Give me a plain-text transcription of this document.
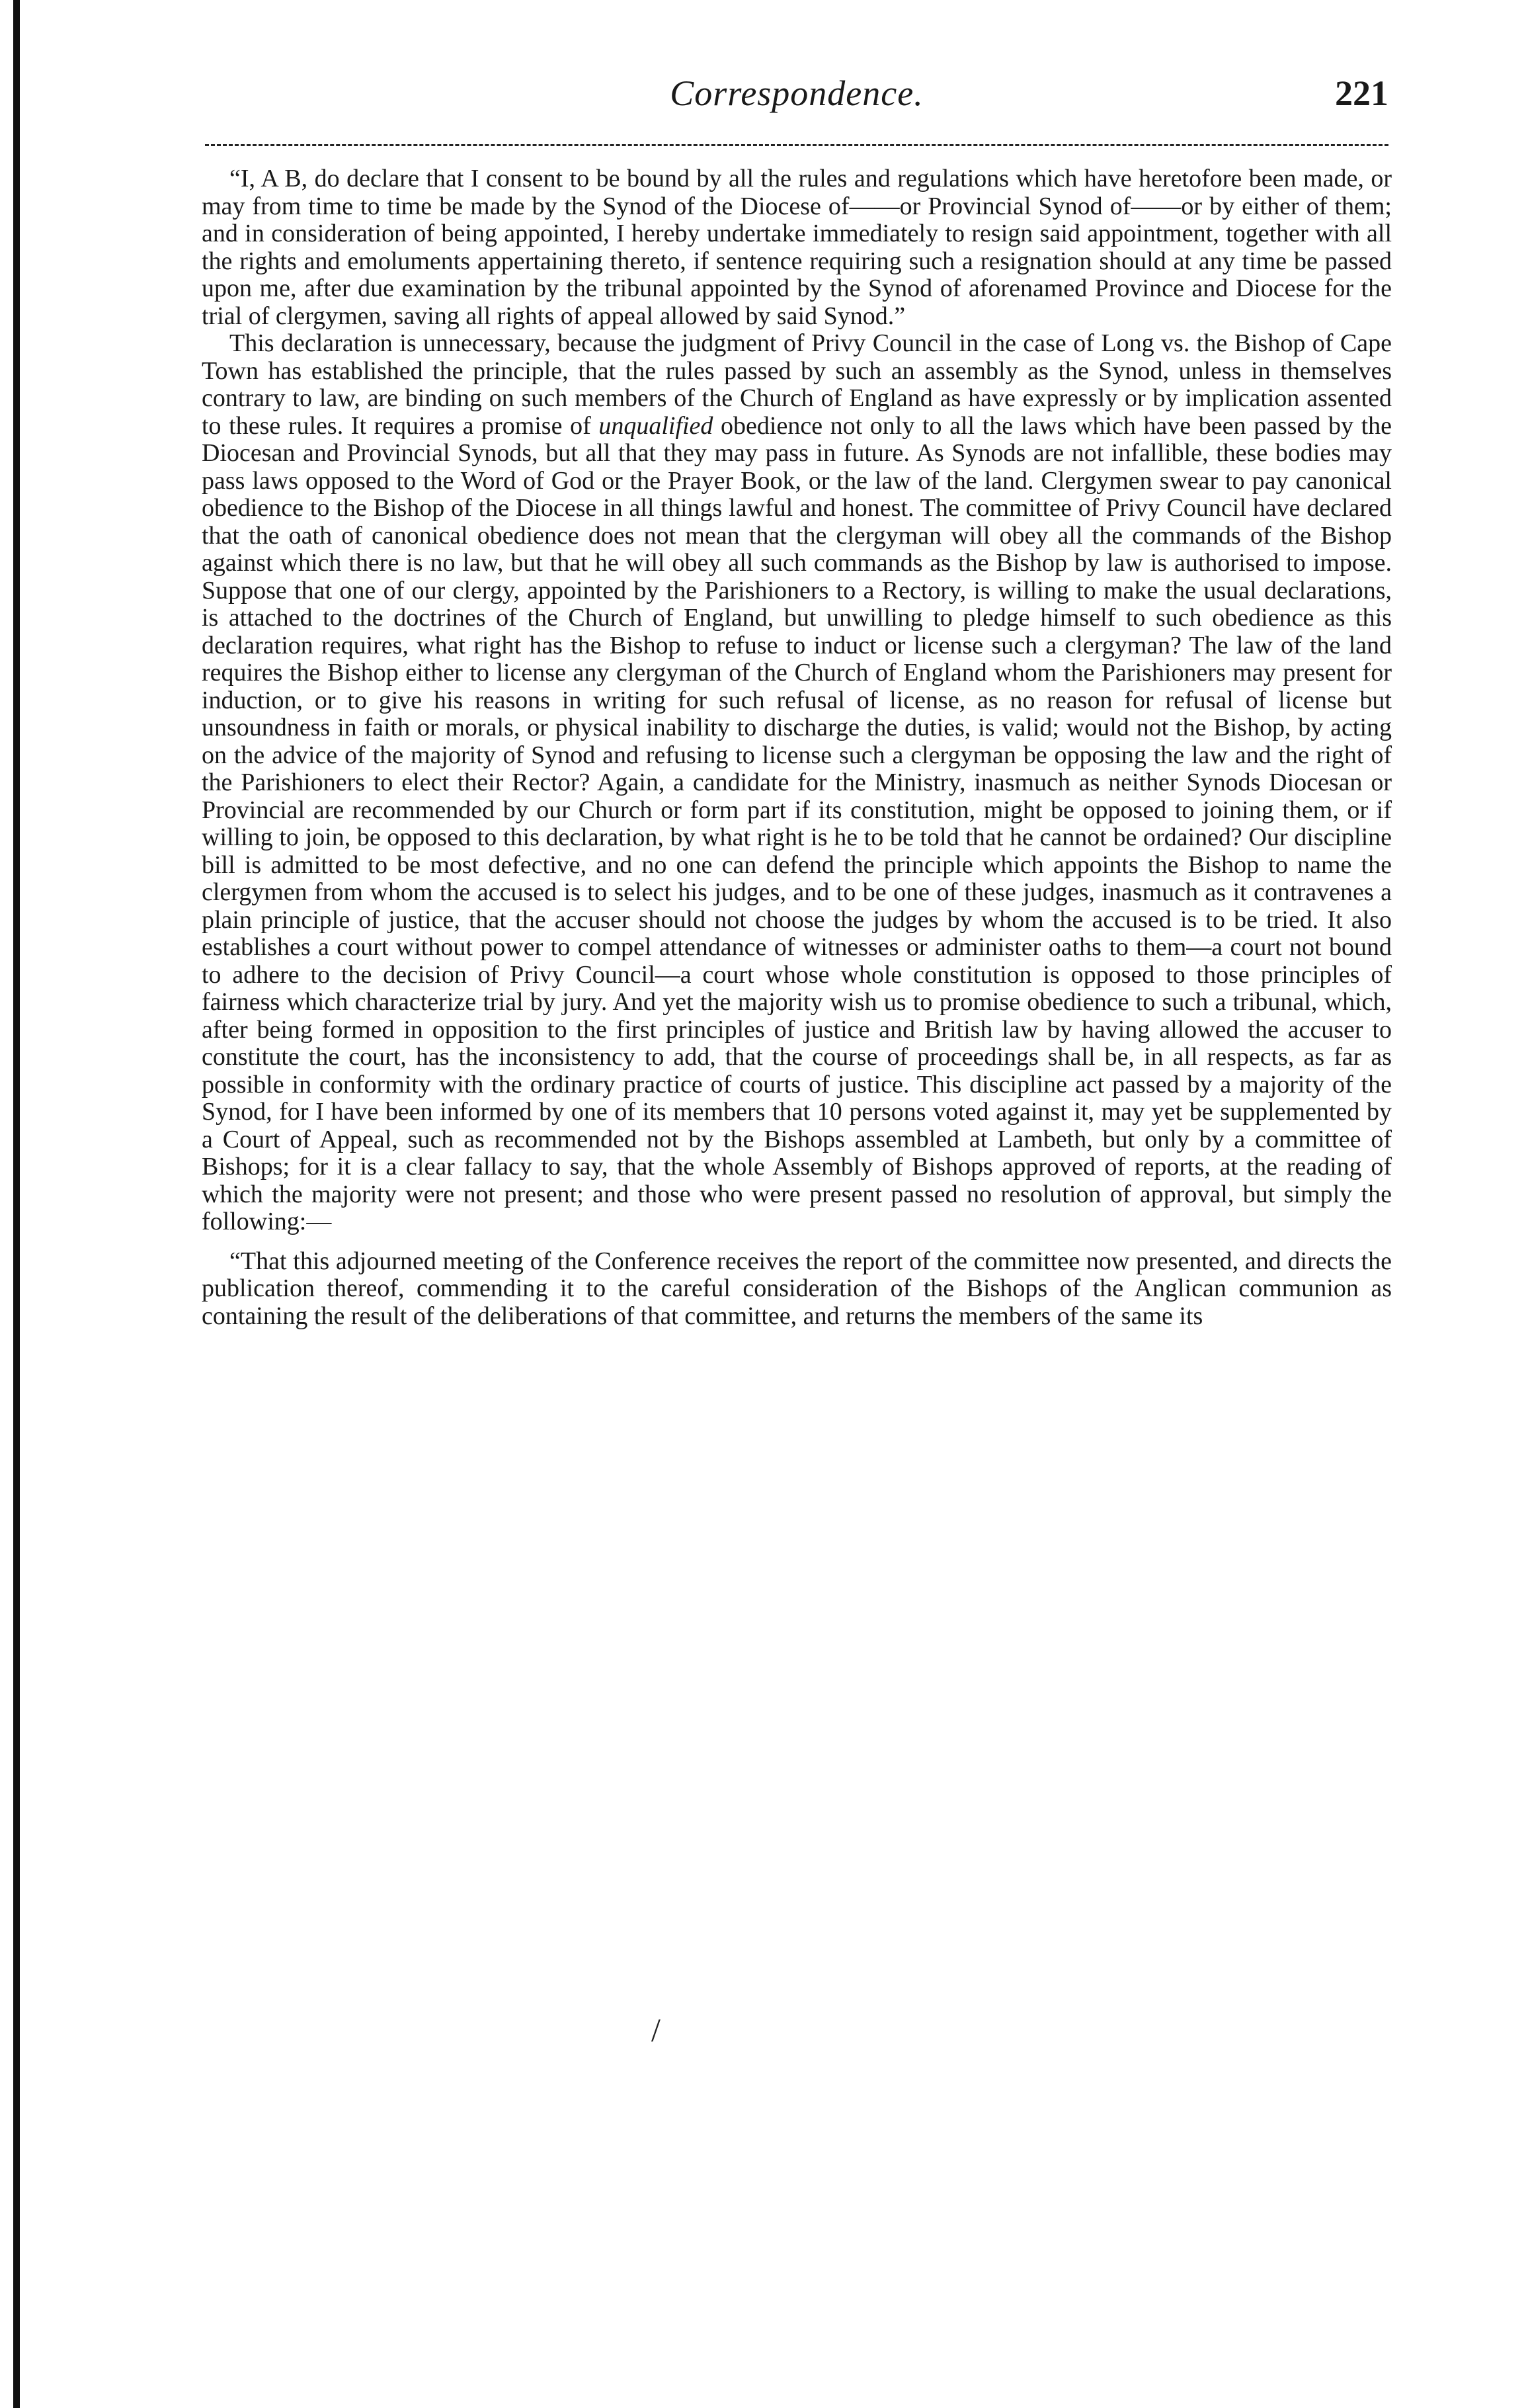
Correspondence.	221

“I, A B, do declare that I consent to be bound by all the rules and regulations which have heretofore been made, or may from time to time be made by the Synod of the Diocese of——or Provincial Synod of——or by either of them; and in consideration of being appointed, I hereby undertake immediately to resign said appointment, together with all the rights and emoluments appertaining thereto, if sentence requiring such a resignation should at any time be passed upon me, after due examination by the tribunal appointed by the Synod of aforenamed Province and Diocese for the trial of clergymen, saving all rights of appeal allowed by said Synod.”

This declaration is unnecessary, because the judgment of Privy Council in the case of Long vs. the Bishop of Cape Town has established the principle, that the rules passed by such an assembly as the Synod, unless in themselves contrary to law, are binding on such members of the Church of England as have expressly or by implication assented to these rules. It requires a promise of unqualified obedience not only to all the laws which have been passed by the Diocesan and Provincial Synods, but all that they may pass in future. As Synods are not infallible, these bodies may pass laws opposed to the Word of God or the Prayer Book, or the law of the land. Clergymen swear to pay canonical obedience to the Bishop of the Diocese in all things lawful and honest. The committee of Privy Council have declared that the oath of canonical obedience does not mean that the clergyman will obey all the commands of the Bishop against which there is no law, but that he will obey all such commands as the Bishop by law is authorised to impose. Suppose that one of our clergy, appointed by the Parishioners to a Rectory, is willing to make the usual declarations, is attached to the doctrines of the Church of England, but unwilling to pledge himself to such obedience as this declaration requires, what right has the Bishop to refuse to induct or license such a clergyman? The law of the land requires the Bishop either to license any clergyman of the Church of England whom the Parishioners may present for induction, or to give his reasons in writing for such refusal of license, as no reason for refusal of license but unsoundness in faith or morals, or physical inability to discharge the duties, is valid; would not the Bishop, by acting on the advice of the majority of Synod and refusing to license such a clergyman be opposing the law and the right of the Parishioners to elect their Rector? Again, a candidate for the Ministry, inasmuch as neither Synods Diocesan or Provincial are recommended by our Church or form part if its constitution, might be opposed to joining them, or if willing to join, be opposed to this declaration, by what right is he to be told that he cannot be ordained? Our discipline bill is admitted to be most defective, and no one can defend the principle which appoints the Bishop to name the clergymen from whom the accused is to select his judges, and to be one of these judges, inasmuch as it contravenes a plain principle of justice, that the accuser should not choose the judges by whom the accused is to be tried. It also establishes a court without power to compel attendance of witnesses or administer oaths to them—a court not bound to adhere to the decision of Privy Council—a court whose whole constitution is opposed to those principles of fairness which characterize trial by jury. And yet the majority wish us to promise obedience to such a tribunal, which, after being formed in opposition to the first principles of justice and British law by having allowed the accuser to constitute the court, has the inconsistency to add, that the course of proceedings shall be, in all respects, as far as possible in conformity with the ordinary practice of courts of justice. This discipline act passed by a majority of the Synod, for I have been informed by one of its members that 10 persons voted against it, may yet be supplemented by a Court of Appeal, such as recommended not by the Bishops assembled at Lambeth, but only by a committee of Bishops; for it is a clear fallacy to say, that the whole Assembly of Bishops approved of reports, at the reading of which the majority were not present; and those who were present passed no resolution of approval, but simply the following:—

“That this adjourned meeting of the Conference receives the report of the committee now presented, and directs the publication thereof, commending it to the careful consideration of the Bishops of the Anglican communion as containing the result of the deliberations of that committee, and returns the members of the same its

/
